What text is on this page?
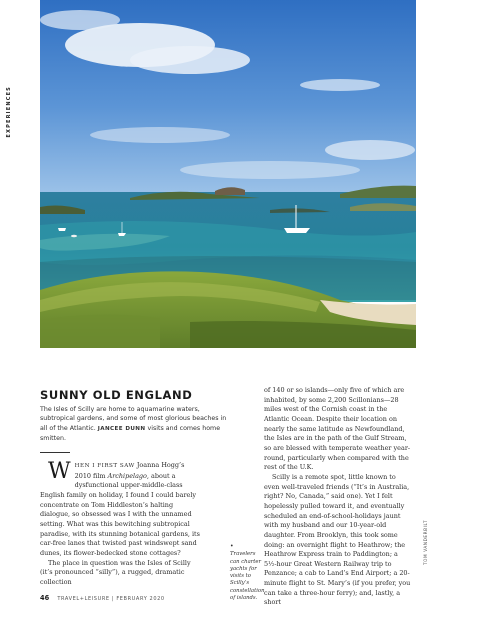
EXPERIENCES
SUNNY OLD ENGLAND
The Isles of Scilly are home to aquamarine waters, subtropical gardens, and some of most glorious beaches in all of the Atlantic. JANCEE DUNN visits and comes home smitten.

WHEN I FIRST SAW Joanna Hogg’s 2010 film Archipelago, about a dysfunctional upper-middle-class English family on holiday, I found I could barely concentrate on Tom Hiddleston’s halting dialogue, so obsessed was I with the unnamed setting. What was this bewitching subtropical paradise, with its stunning botanical gardens, its car-free lanes that twisted past windswept sand dunes, its flower-bedecked stone cottages?

The place in question was the Isles of Scilly (it’s pronounced “silly”), a rugged, dramatic collection

•
Travelers can charter yachts for visits to Scilly’s constellation of islands.

of 140 or so islands—only five of which are inhabited, by some 2,200 Scillonians—28 miles west of the Cornish coast in the Atlantic Ocean. Despite their location on nearly the same latitude as Newfoundland, the Isles are in the path of the Gulf Stream, so are blessed with temperate weather year-round, particularly when compared with the rest of the U.K.

Scilly is a remote spot, little known to even well-traveled friends (“It’s in Australia, right? No, Canada,” said one). Yet I felt hopelessly pulled toward it, and eventually scheduled an end-of-school-holidays jaunt with my husband and our 10-year-old daughter. From Brooklyn, this took some doing: an overnight flight to Heathrow; the Heathrow Express train to Paddington; a 5½-hour Great Western Railway trip to Penzance; a cab to Land’s End Airport; a 20-minute flight to St. Mary’s (if you prefer, you can take a three-hour ferry); and, lastly, a short

TOM VANDERBILT
46 TRAVEL+LEISURE | FEBRUARY 2020
